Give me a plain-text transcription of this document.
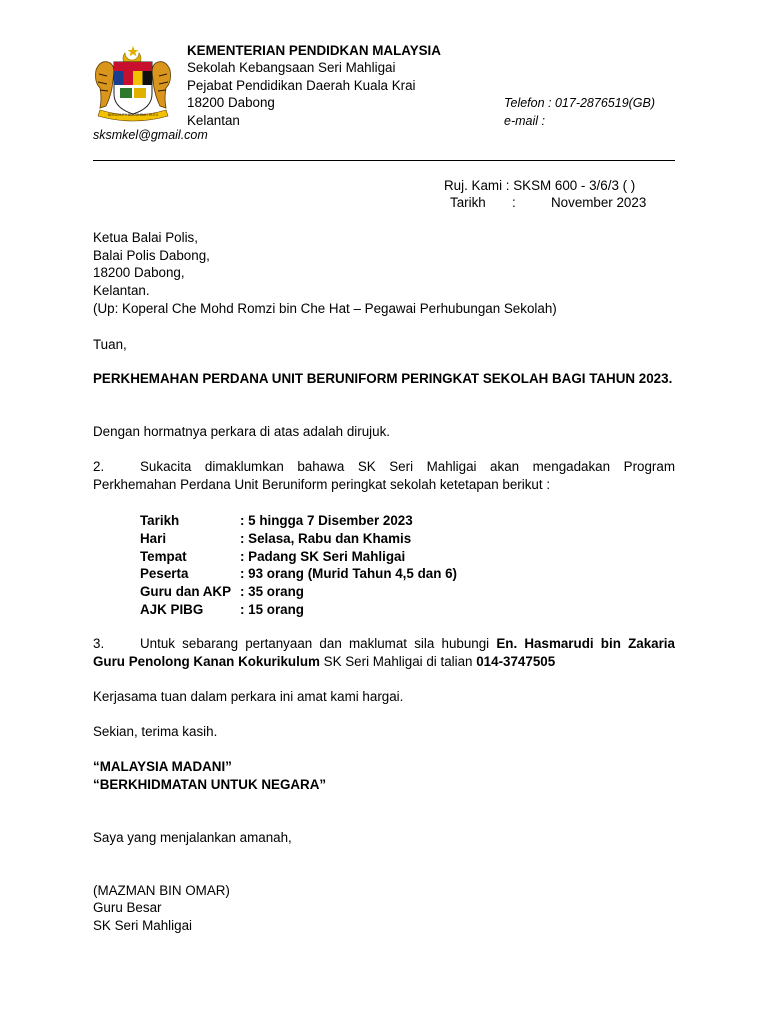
BERSEKUTU BERTAMBAH MUTU
KEMENTERIAN PENDIDKAN MALAYSIA
Sekolah Kebangsaan Seri Mahligai
Pejabat Pendidikan Daerah Kuala Krai
18200 Dabong
Kelantan
Telefon : 017-2876519(GB)
e-mail :
sksmkel@gmail.com
Ruj. Kami : SKSM 600 - 3/6/3 ( )
Tarikh :	November 2023
Ketua Balai Polis,
Balai Polis Dabong,
18200 Dabong,
Kelantan.
(Up: Koperal Che Mohd Romzi bin Che Hat – Pegawai Perhubungan Sekolah)
Tuan,
PERKHEMAHAN PERDANA UNIT BERUNIFORM PERINGKAT SEKOLAH BAGI TAHUN 2023.
Dengan hormatnya perkara di atas adalah dirujuk.
2.	Sukacita dimaklumkan bahawa SK Seri Mahligai akan mengadakan Program Perkhemahan Perdana Unit Beruniform peringkat sekolah ketetapan berikut :
Tarikh	: 5 hingga 7 Disember 2023
Hari	: Selasa, Rabu dan Khamis
Tempat	: Padang SK Seri Mahligai
Peserta	: 93 orang (Murid Tahun 4,5 dan 6)
Guru dan AKP : 35 orang
AJK PIBG	: 15 orang
3.	Untuk sebarang pertanyaan dan maklumat sila hubungi En. Hasmarudi bin Zakaria Guru Penolong Kanan Kokurikulum SK Seri Mahligai di talian 014-3747505
Kerjasama tuan dalam perkara ini amat kami hargai.
Sekian, terima kasih.
“MALAYSIA MADANI”
“BERKHIDMATAN UNTUK NEGARA”
Saya yang menjalankan amanah,
(MAZMAN BIN OMAR)
Guru Besar
SK Seri Mahligai
